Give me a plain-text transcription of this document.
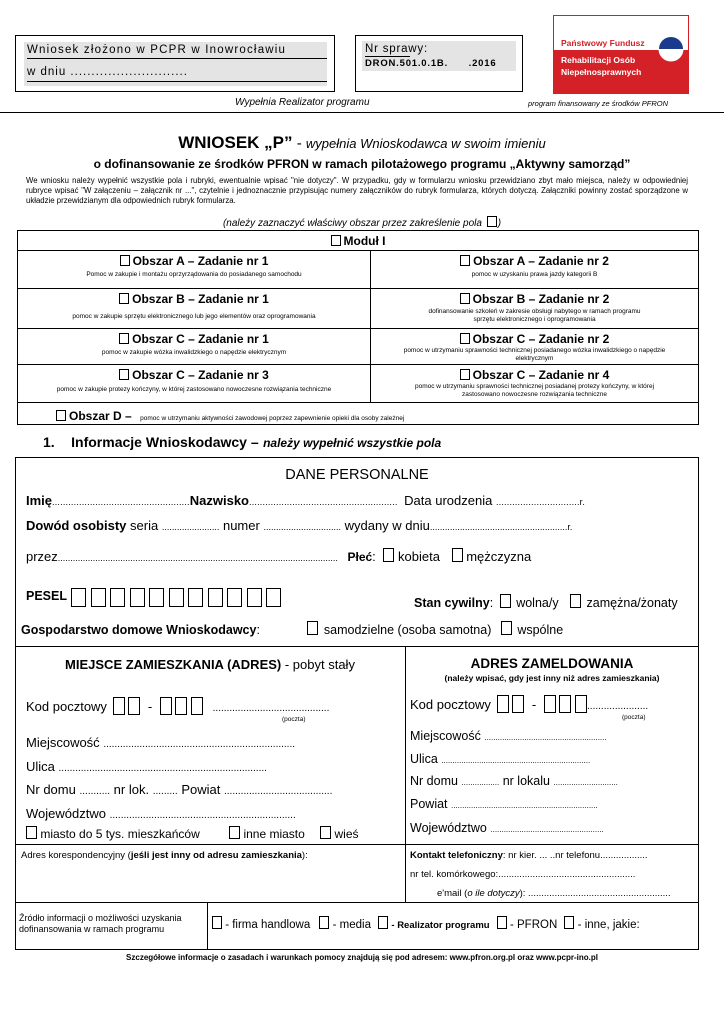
Wniosek złożono w PCPR w Inowrocławiu
w dniu ............................
Nr sprawy:
DRON.501.0.1B.      .2016
Państwowy Fundusz
Rehabilitacji Osób
Niepełnosprawnych
Wypełnia Realizator programu	program finansowany ze środków PFRON
WNIOSEK „P” - wypełnia Wnioskodawca w swoim imieniu
o dofinansowanie ze środków PFRON w ramach pilotażowego programu „Aktywny samorząd”
We wniosku należy wypełnić wszystkie pola i rubryki, ewentualnie wpisać "nie dotyczy". W przypadku, gdy w formularzu wniosku przewidziano zbyt mało miejsca, należy w odpowiedniej rubryce wpisać "W załączeniu – załącznik nr ...", czytelnie i jednoznacznie przypisując numery załączników do rubryk formularza, których dotyczą. Załączniki powinny zostać sporządzone w układzie przewidzianym dla odpowiednich rubryk formularza.
(należy zaznaczyć właściwy obszar przez zakreślenie pola )
Moduł I
Obszar A – Zadanie nr 1
Pomoc w zakupie i montażu oprzyrządowania do posiadanego samochodu
Obszar A – Zadanie nr 2
pomoc w uzyskaniu prawa jazdy kategorii B
Obszar B – Zadanie nr 1
pomoc w zakupie sprzętu elektronicznego lub jego elementów oraz oprogramowania
Obszar B – Zadanie nr 2
dofinansowanie szkoleń w zakresie obsługi nabytego w ramach programu sprzętu elektronicznego i oprogramowania
Obszar C – Zadanie nr 1
pomoc w zakupie wózka inwalidzkiego o napędzie elektrycznym
Obszar C – Zadanie nr 2
pomoc w utrzymaniu sprawności technicznej posiadanego wózka inwalidzkiego o napędzie elektrycznym
Obszar C – Zadanie nr 3
pomoc w zakupie protezy kończyny, w której zastosowano nowoczesne rozwiązania techniczne
Obszar C – Zadanie nr 4
pomoc w utrzymaniu sprawności technicznej posiadanej protezy kończyny, w której zastosowano nowoczesne rozwiązania techniczne
Obszar D – pomoc w utrzymaniu aktywności zawodowej poprzez zapewnienie opieki dla osoby zależnej
1. Informacje Wnioskodawcy – należy wypełnić wszystkie pola
DANE PERSONALNE
Imię...................................................Nazwisko....................................................... Data urodzenia ...............................r.
Dowód osobisty seria ....................... numer ............................... wydany w dniu.......................................................r.
przez................................................................................................................ Płeć: kobieta mężczyzna
PESEL	Stan cywilny: wolna/y zamężna/żonaty
Gospodarstwo domowe Wnioskodawcy:	samodzielne (osoba samotna) wspólne
MIEJSCE ZAMIESZKANIA (ADRES) - pobyt stały
Kod pocztowy	-	..........................................
(poczta)
Miejscowość .....................................................................
Ulica ...........................................................................
Nr domu ........... nr lok. ......... Powiat .......................................
Województwo ...................................................................
miasto do 5 tys. mieszkańców	inne miasto wieś
ADRES ZAMELDOWANIA
(należy wpisać, gdy jest inny niż adres zamieszkania)
Kod pocztowy	-	......................
(poczta)
Miejscowość .......................................................
Ulica ...................................................................
Nr domu ................. nr lokalu .............................
Powiat ..................................................................
Województwo ...................................................
Adres korespondencyjny (jeśli jest inny od adresu zamieszkania):	Kontakt telefoniczny: nr kier. ... ..nr telefonu..................
nr tel. komórkowego:....................................................
e'mail (o ile dotyczy): ......................................................
Źródło informacji o możliwości uzyskania dofinansowania w ramach programu	- firma handlowa - media - Realizator programu - PFRON - inne, jakie:
Szczegółowe informacje o zasadach i warunkach pomocy znajdują się pod adresem: www.pfron.org.pl oraz www.pcpr-ino.pl
